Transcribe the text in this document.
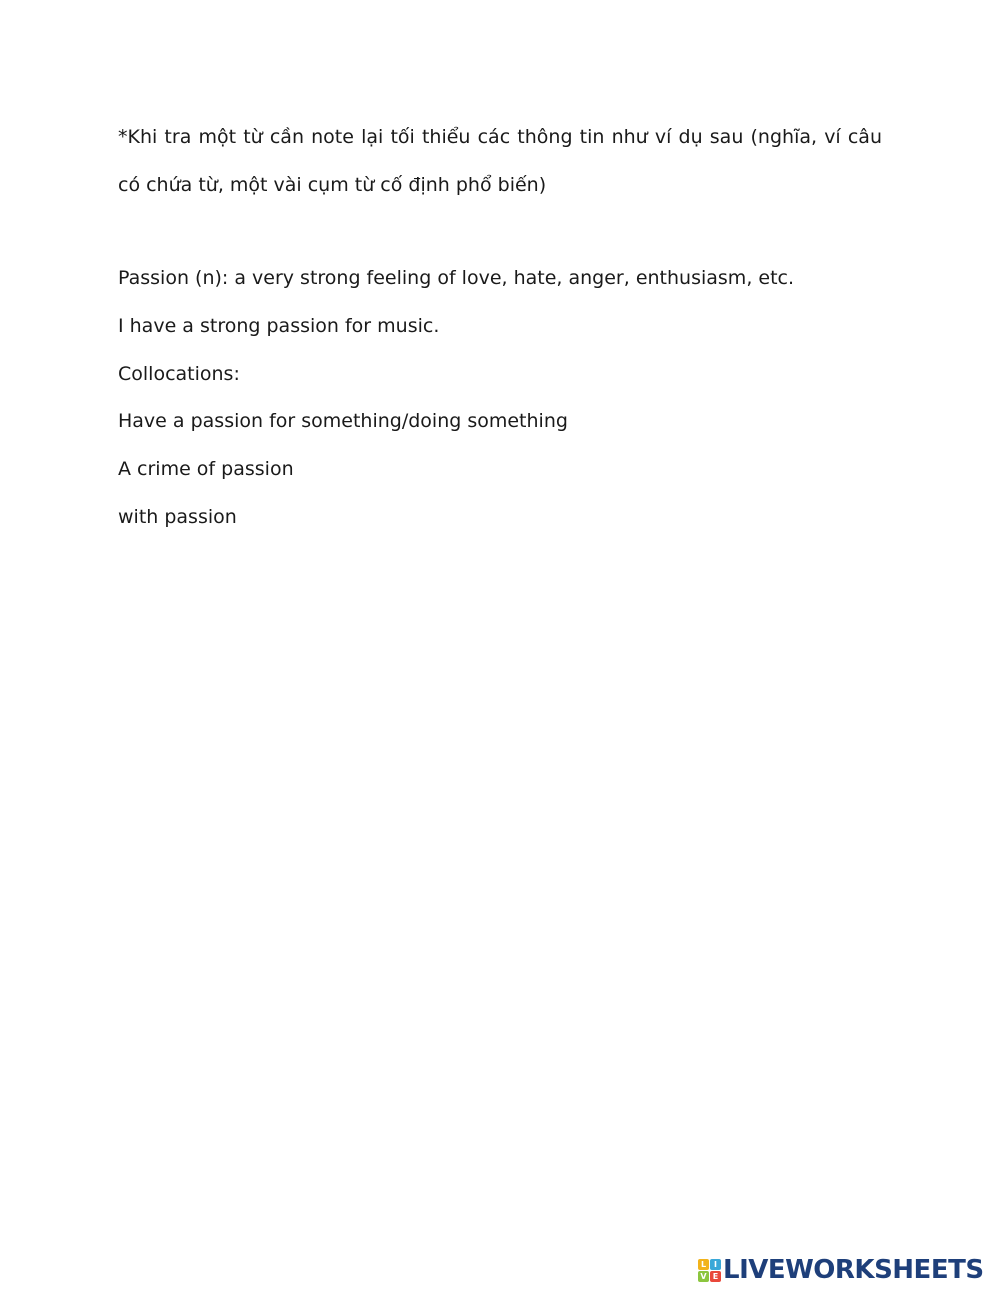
*Khi tra một từ cần note lại tối thiểu các thông tin như ví dụ sau (nghĩa, ví câu có chứa từ, một vài cụm từ cố định phổ biến)

Passion (n): a very strong feeling of love, hate, anger, enthusiasm, etc.
I have a strong passion for music.
Collocations:
Have a passion for something/doing something
A crime of passion
with passion
L I
V E LIVEWORKSHEETS
